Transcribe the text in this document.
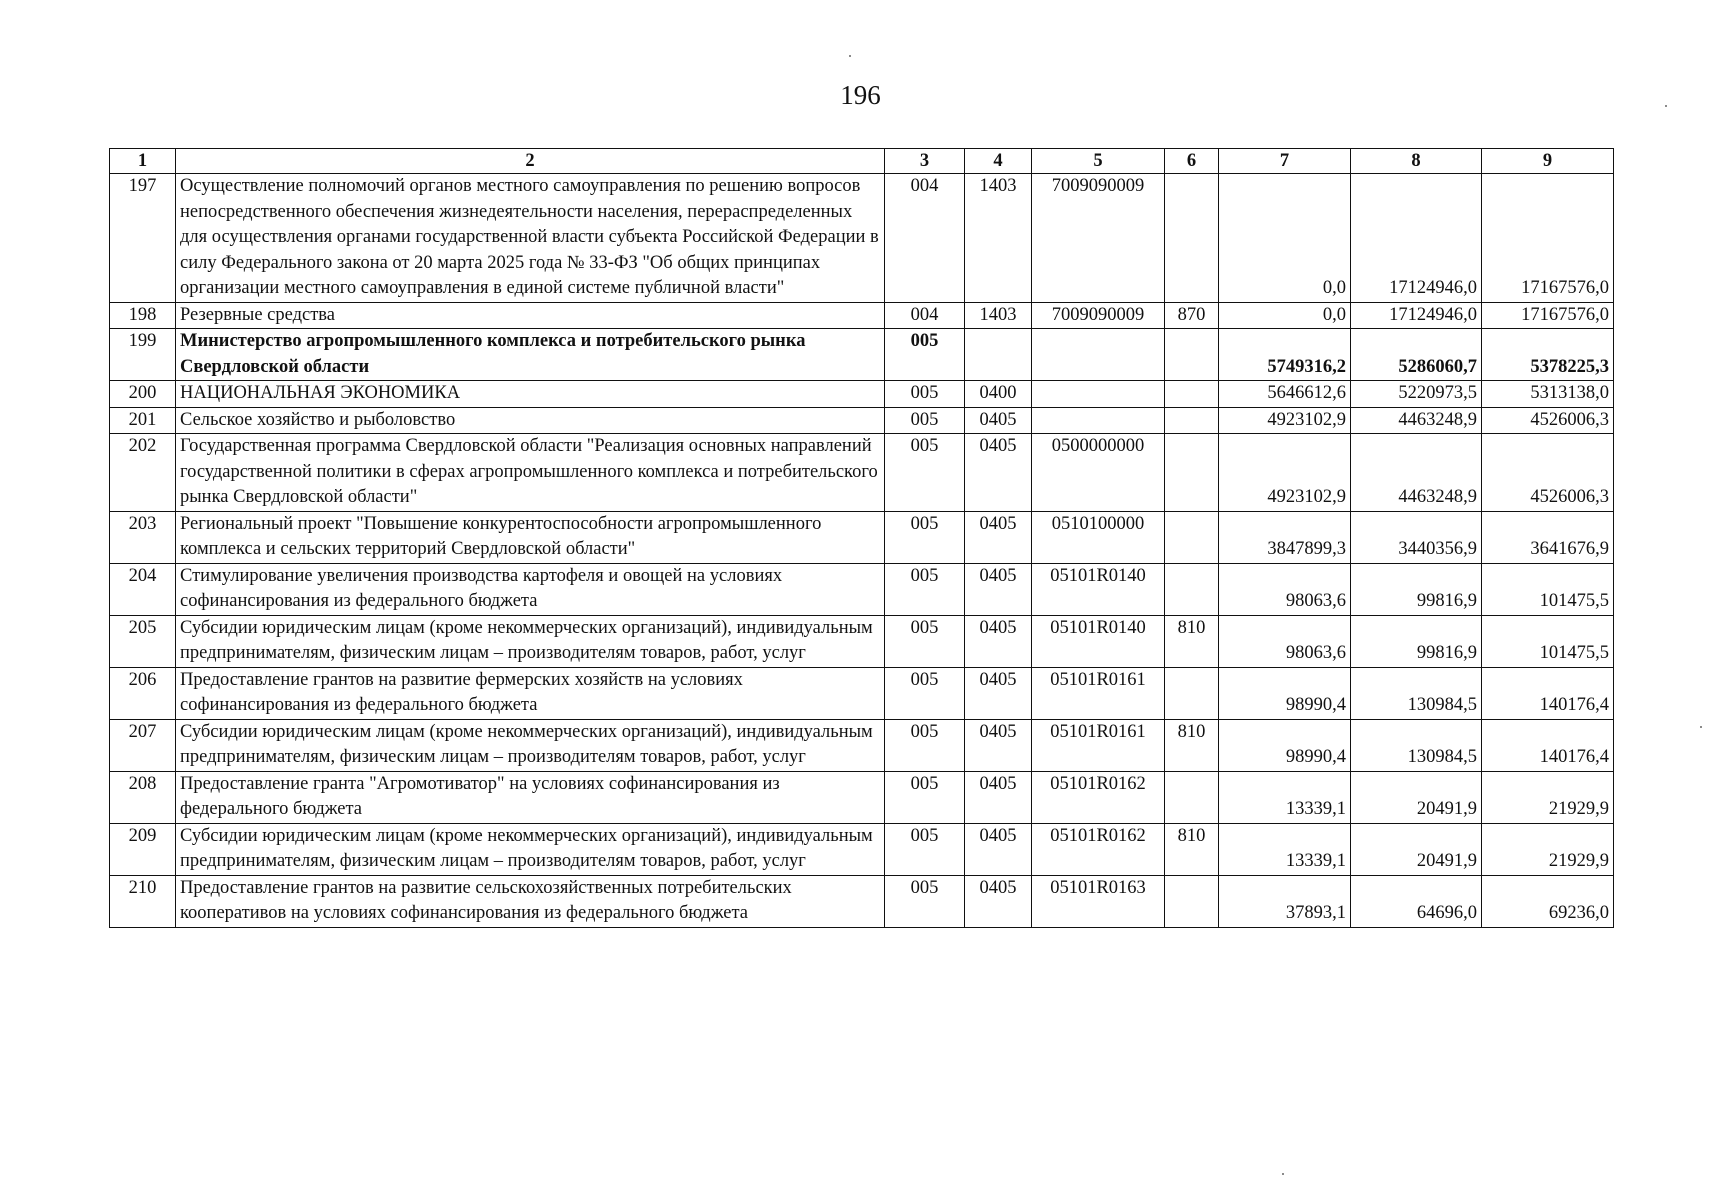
196
1	2	3	4	5	6	7	8	9
197	Осуществление полномочий органов местного самоуправления по решению вопросов непосредственного обеспечения жизнедеятельности населения, перераспределенных для осуществления органами государственной власти субъекта Российской Федерации в силу Федерального закона от 20 марта 2025 года № 33-ФЗ "Об общих принципах организации местного самоуправления в единой системе публичной власти"	004	1403	7009090009		0,0	17124946,0	17167576,0
198	Резервные средства	004	1403	7009090009	870	0,0	17124946,0	17167576,0
199	Министерство агропромышленного комплекса и потребительского рынка Свердловской области	005				5749316,2	5286060,7	5378225,3
200	НАЦИОНАЛЬНАЯ ЭКОНОМИКА	005	0400			5646612,6	5220973,5	5313138,0
201	Сельское хозяйство и рыболовство	005	0405			4923102,9	4463248,9	4526006,3
202	Государственная программа Свердловской области "Реализация основных направлений государственной политики в сферах агропромышленного комплекса и потребительского рынка Свердловской области"	005	0405	0500000000		4923102,9	4463248,9	4526006,3
203	Региональный проект "Повышение конкурентоспособности агропромышленного комплекса и сельских территорий Свердловской области"	005	0405	0510100000		3847899,3	3440356,9	3641676,9
204	Стимулирование увеличения производства картофеля и овощей на условиях софинансирования из федерального бюджета	005	0405	05101R0140		98063,6	99816,9	101475,5
205	Субсидии юридическим лицам (кроме некоммерческих организаций), индивидуальным предпринимателям, физическим лицам – производителям товаров, работ, услуг	005	0405	05101R0140	810	98063,6	99816,9	101475,5
206	Предоставление грантов на развитие фермерских хозяйств на условиях софинансирования из федерального бюджета	005	0405	05101R0161		98990,4	130984,5	140176,4
207	Субсидии юридическим лицам (кроме некоммерческих организаций), индивидуальным предпринимателям, физическим лицам – производителям товаров, работ, услуг	005	0405	05101R0161	810	98990,4	130984,5	140176,4
208	Предоставление гранта "Агромотиватор" на условиях софинансирования из федерального бюджета	005	0405	05101R0162		13339,1	20491,9	21929,9
209	Субсидии юридическим лицам (кроме некоммерческих организаций), индивидуальным предпринимателям, физическим лицам – производителям товаров, работ, услуг	005	0405	05101R0162	810	13339,1	20491,9	21929,9
210	Предоставление грантов на развитие сельскохозяйственных потребительских кооперативов на условиях софинансирования из федерального бюджета	005	0405	05101R0163		37893,1	64696,0	69236,0
